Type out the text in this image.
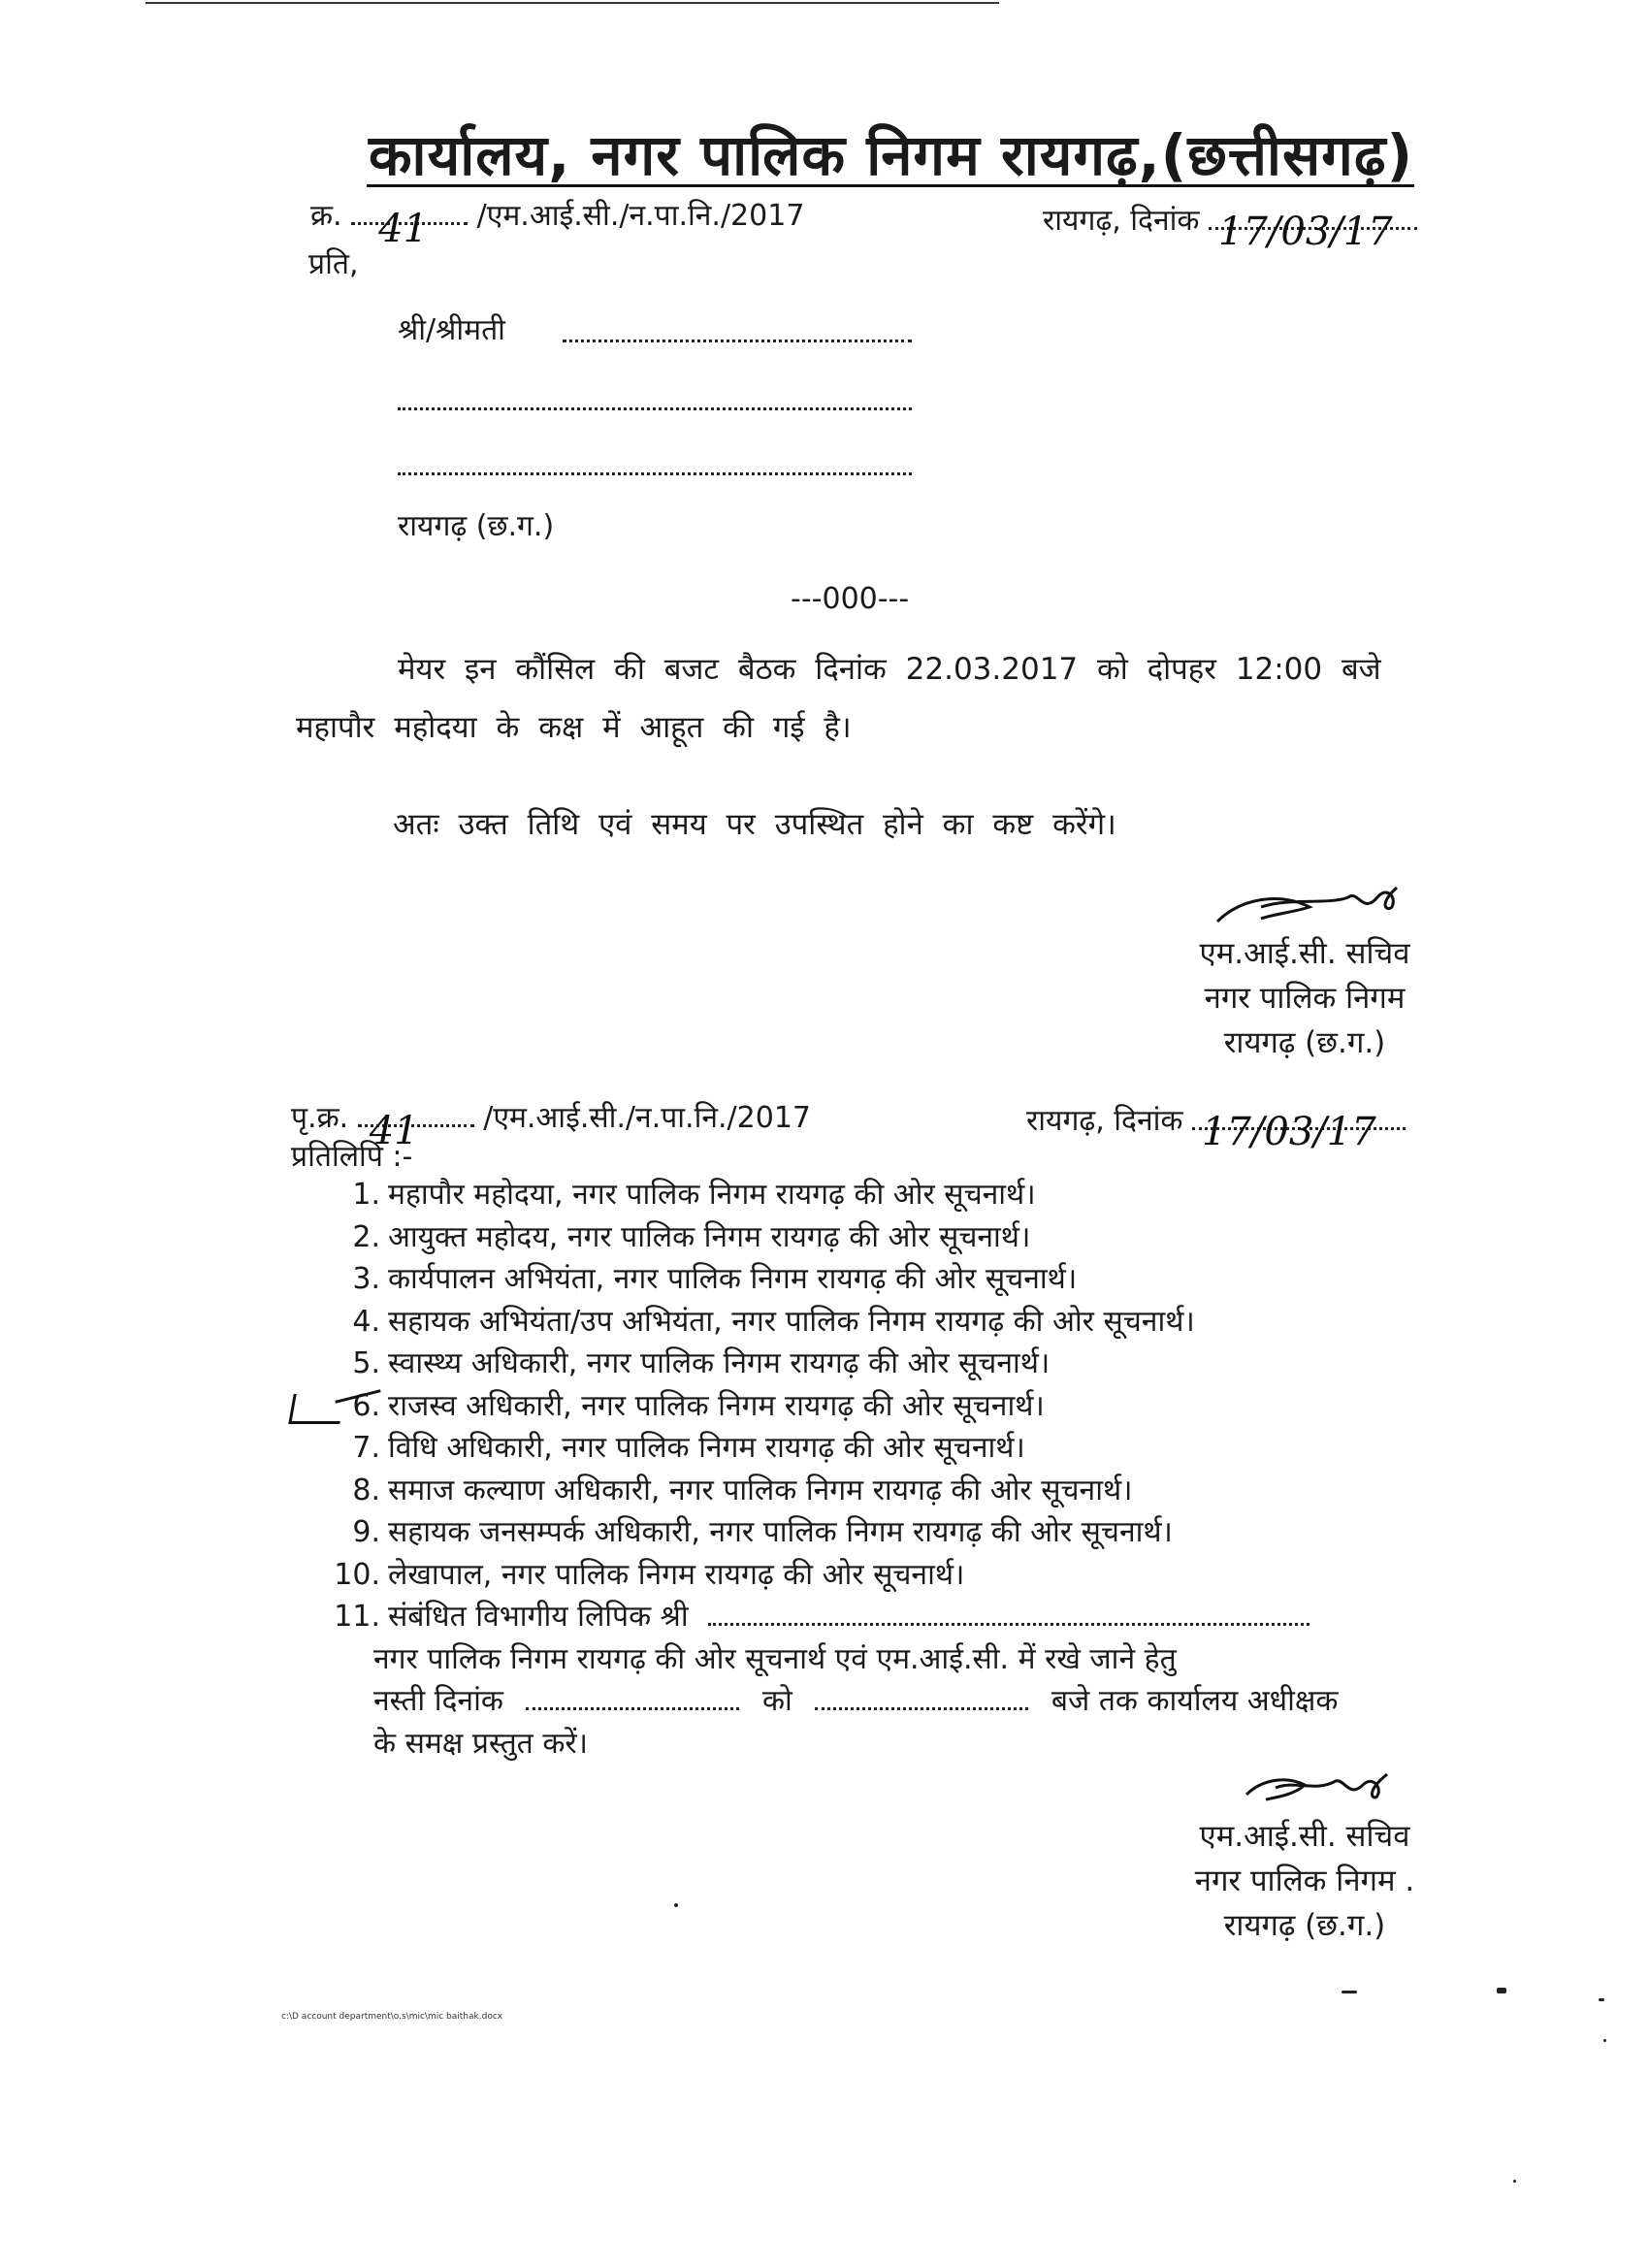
कार्यालय, नगर पालिक निगम रायगढ़,(छत्तीसगढ़)
क्र. 41 /एम.आई.सी./न.पा.नि./2017	रायगढ़, दिनांक 17/03/17
प्रति,
श्री/श्रीमती
रायगढ़ (छ.ग.)
---000---
मेयर इन कौंसिल की बजट बैठक दिनांक 22.03.2017 को दोपहर 12:00 बजे
महापौर महोदया के कक्ष में आहूत की गई है।
अतः उक्त तिथि एवं समय पर उपस्थित होने का कष्ट करेंगे।
एम.आई.सी. सचिव
नगर पालिक निगम
रायगढ़ (छ.ग.)
पृ.क्र. 41 /एम.आई.सी./न.पा.नि./2017	रायगढ़, दिनांक 17/03/17
प्रतिलिपि :-
1. महापौर महोदया, नगर पालिक निगम रायगढ़ की ओर सूचनार्थ।
2. आयुक्त महोदय, नगर पालिक निगम रायगढ़ की ओर सूचनार्थ।
3. कार्यपालन अभियंता, नगर पालिक निगम रायगढ़ की ओर सूचनार्थ।
4. सहायक अभियंता/उप अभियंता, नगर पालिक निगम रायगढ़ की ओर सूचनार्थ।
5. स्वास्थ्य अधिकारी, नगर पालिक निगम रायगढ़ की ओर सूचनार्थ।
6. राजस्व अधिकारी, नगर पालिक निगम रायगढ़ की ओर सूचनार्थ।
7. विधि अधिकारी, नगर पालिक निगम रायगढ़ की ओर सूचनार्थ।
8. समाज कल्याण अधिकारी, नगर पालिक निगम रायगढ़ की ओर सूचनार्थ।
9. सहायक जनसम्पर्क अधिकारी, नगर पालिक निगम रायगढ़ की ओर सूचनार्थ।
10. लेखापाल, नगर पालिक निगम रायगढ़ की ओर सूचनार्थ।
11. संबंधित विभागीय लिपिक श्री
नगर पालिक निगम रायगढ़ की ओर सूचनार्थ एवं एम.आई.सी. में रखे जाने हेतु
नस्ती दिनांक	को	बजे तक कार्यालय अधीक्षक
के समक्ष प्रस्तुत करें।
एम.आई.सी. सचिव
नगर पालिक निगम .
रायगढ़ (छ.ग.)
c:\D account department\o.s\mic\mic baithak.docx
